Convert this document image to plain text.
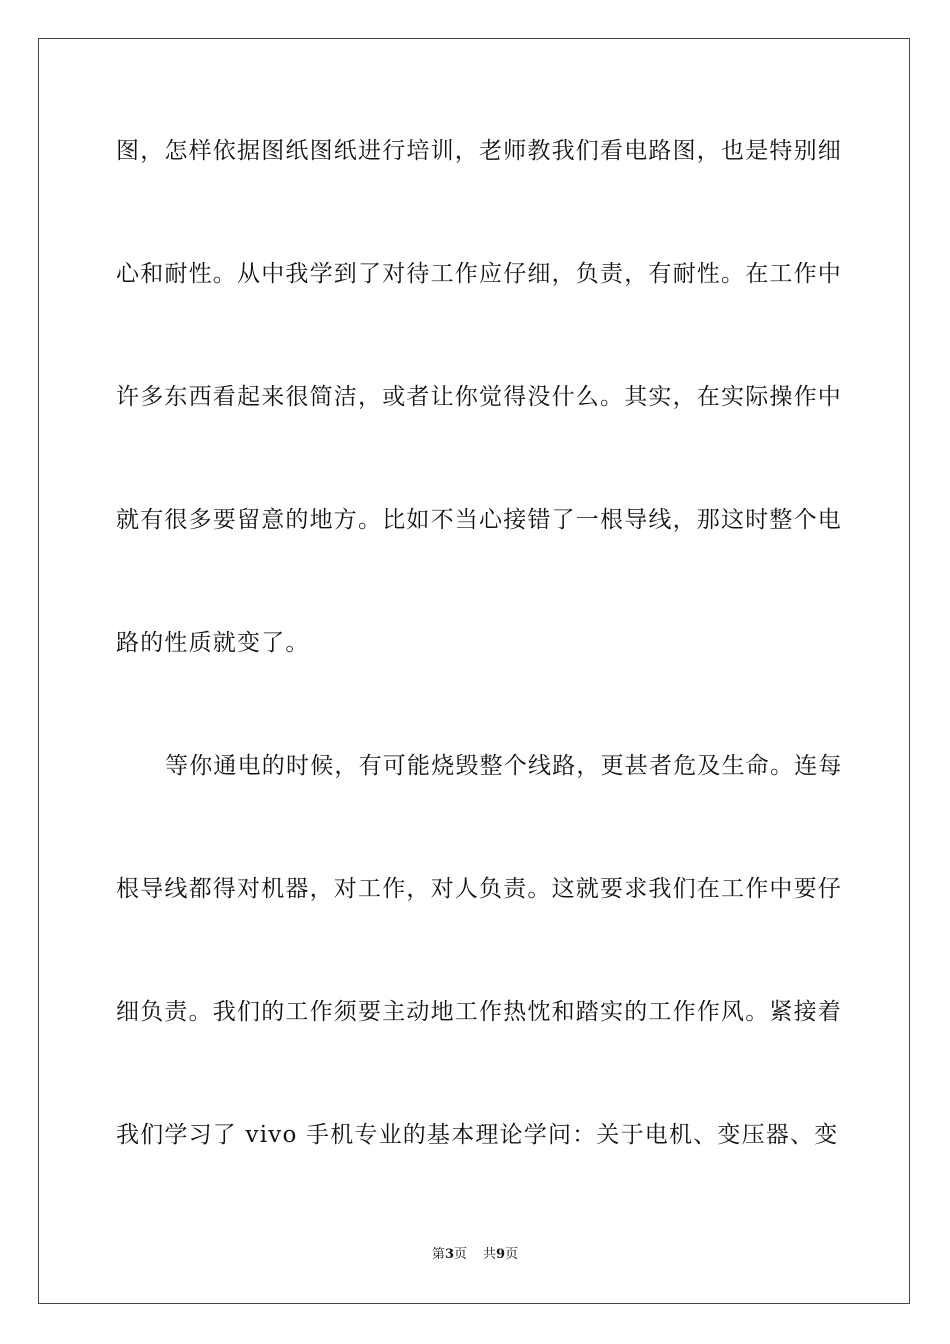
图，怎样依据图纸图纸进行培训，老师教我们看电路图，也是特别细
心和耐性。从中我学到了对待工作应仔细，负责，有耐性。在工作中
许多东西看起来很简洁，或者让你觉得没什么。其实，在实际操作中
就有很多要留意的地方。比如不当心接错了一根导线，那这时整个电
路的性质就变了。
等你通电的时候，有可能烧毁整个线路，更甚者危及生命。连每
根导线都得对机器，对工作，对人负责。这就要求我们在工作中要仔
细负责。我们的工作须要主动地工作热忱和踏实的工作作风。紧接着
我们学习了 vivo 手机专业的基本理论学问：关于电机、变压器、变
第3页 共9页
